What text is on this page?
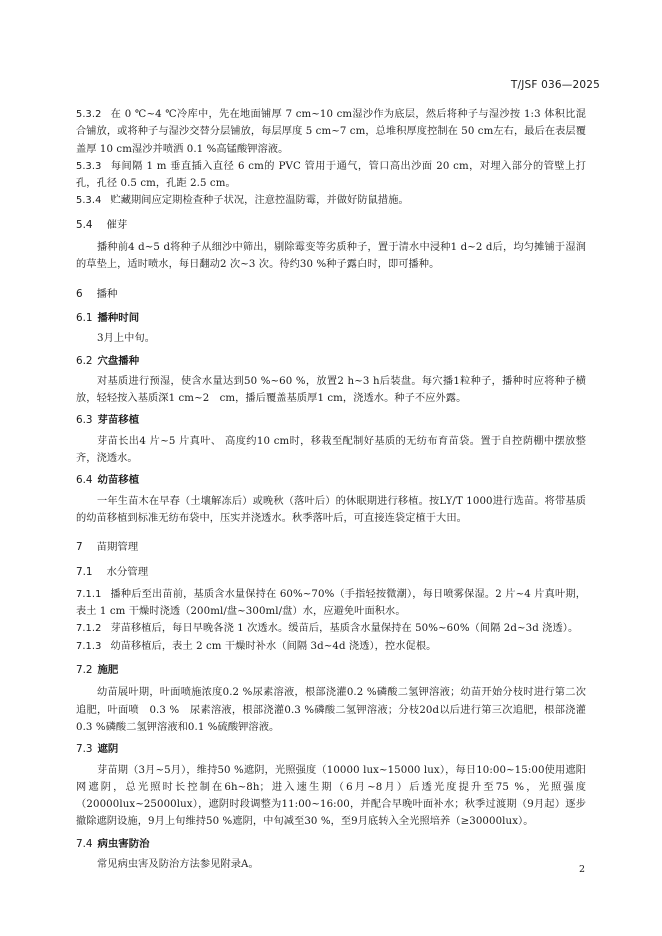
T/JSF 036—2025

5.3.2 在 0 ℃~4 ℃冷库中，先在地面铺厚 7 cm~10 cm湿沙作为底层，然后将种子与湿沙按 1:3 体积比混合铺放，或将种子与湿沙交替分层铺放，每层厚度 5 cm~7 cm，总堆积厚度控制在 50 cm左右，最后在表层覆盖厚 10 cm湿沙并喷洒 0.1 %高锰酸钾溶液。

5.3.3 每间隔 1 m 垂直插入直径 6 cm的 PVC 管用于通气，管口高出沙面 20 cm，对埋入部分的管壁上打孔，孔径 0.5 cm，孔距 2.5 cm。

5.3.4 贮藏期间应定期检查种子状况，注意控温防霉，并做好防鼠措施。

5.4 催芽

播种前4 d~5 d将种子从细沙中筛出，剔除霉变等劣质种子，置于清水中浸种1 d~2 d后，均匀摊铺于湿润的草垫上，适时喷水，每日翻动2 次~3 次。待约30 %种子露白时，即可播种。

6 播种
6.1 播种时间

3月上中旬。

6.2 穴盘播种

对基质进行预湿，使含水量达到50 %~60 %，放置2 h~3 h后装盘。每穴播1粒种子，播种时应将种子横放，轻轻按入基质深1 cm~2　cm，播后覆盖基质厚1 cm，浇透水。种子不应外露。

6.3 芽苗移植

芽苗长出4 片~5 片真叶、 高度约10 cm时，移栽至配制好基质的无纺布育苗袋。置于自控荫棚中摆放整齐，浇透水。

6.4 幼苗移植

一年生苗木在早春（土壤解冻后）或晚秋（落叶后）的休眠期进行移植。按LY/T 1000进行选苗。将带基质的幼苗移植到标准无纺布袋中，压实并浇透水。秋季落叶后，可直接连袋定植于大田。

7 苗期管理
7.1 水分管理

7.1.1 播种后至出苗前，基质含水量保持在 60%~70%（手指轻按微潮），每日喷雾保湿。2 片~4 片真叶期，表土 1 cm 干燥时浇透（200ml/盘~300ml/盘）水，应避免叶面积水。

7.1.2 芽苗移植后，每日早晚各浇 1 次透水。缓苗后，基质含水量保持在 50%~60%（间隔 2d~3d 浇透）。

7.1.3 幼苗移植后，表土 2 cm 干燥时补水（间隔 3d~4d 浇透），控水促根。

7.2 施肥

幼苗展叶期，叶面喷施浓度0.2 %尿素溶液，根部浇灌0.2 %磷酸二氢钾溶液；幼苗开始分枝时进行第二次追肥，叶面喷　0.3 %　尿素溶液，根部浇灌0.3 %磷酸二氢钾溶液；分枝20d以后进行第三次追肥，根部浇灌0.3 %磷酸二氢钾溶液和0.1 %硫酸钾溶液。

7.3 遮阴

芽苗期（3月~5月），维持50 %遮阴，光照强度（10000 lux~15000 lux），每日10:00~15:00使用遮阳网遮阴，总光照时长控制在6h~8h；进入速生期（6月~8月）后透光度提升至75 %，光照强度（20000lux~25000lux），遮阴时段调整为11:00~16:00，并配合早晚叶面补水；秋季过渡期（9月起）逐步撤除遮阴设施，9月上旬维持50 %遮阴，中旬减至30 %，至9月底转入全光照培养（≥30000lux）。

7.4 病虫害防治

常见病虫害及防治方法参见附录A。	2
